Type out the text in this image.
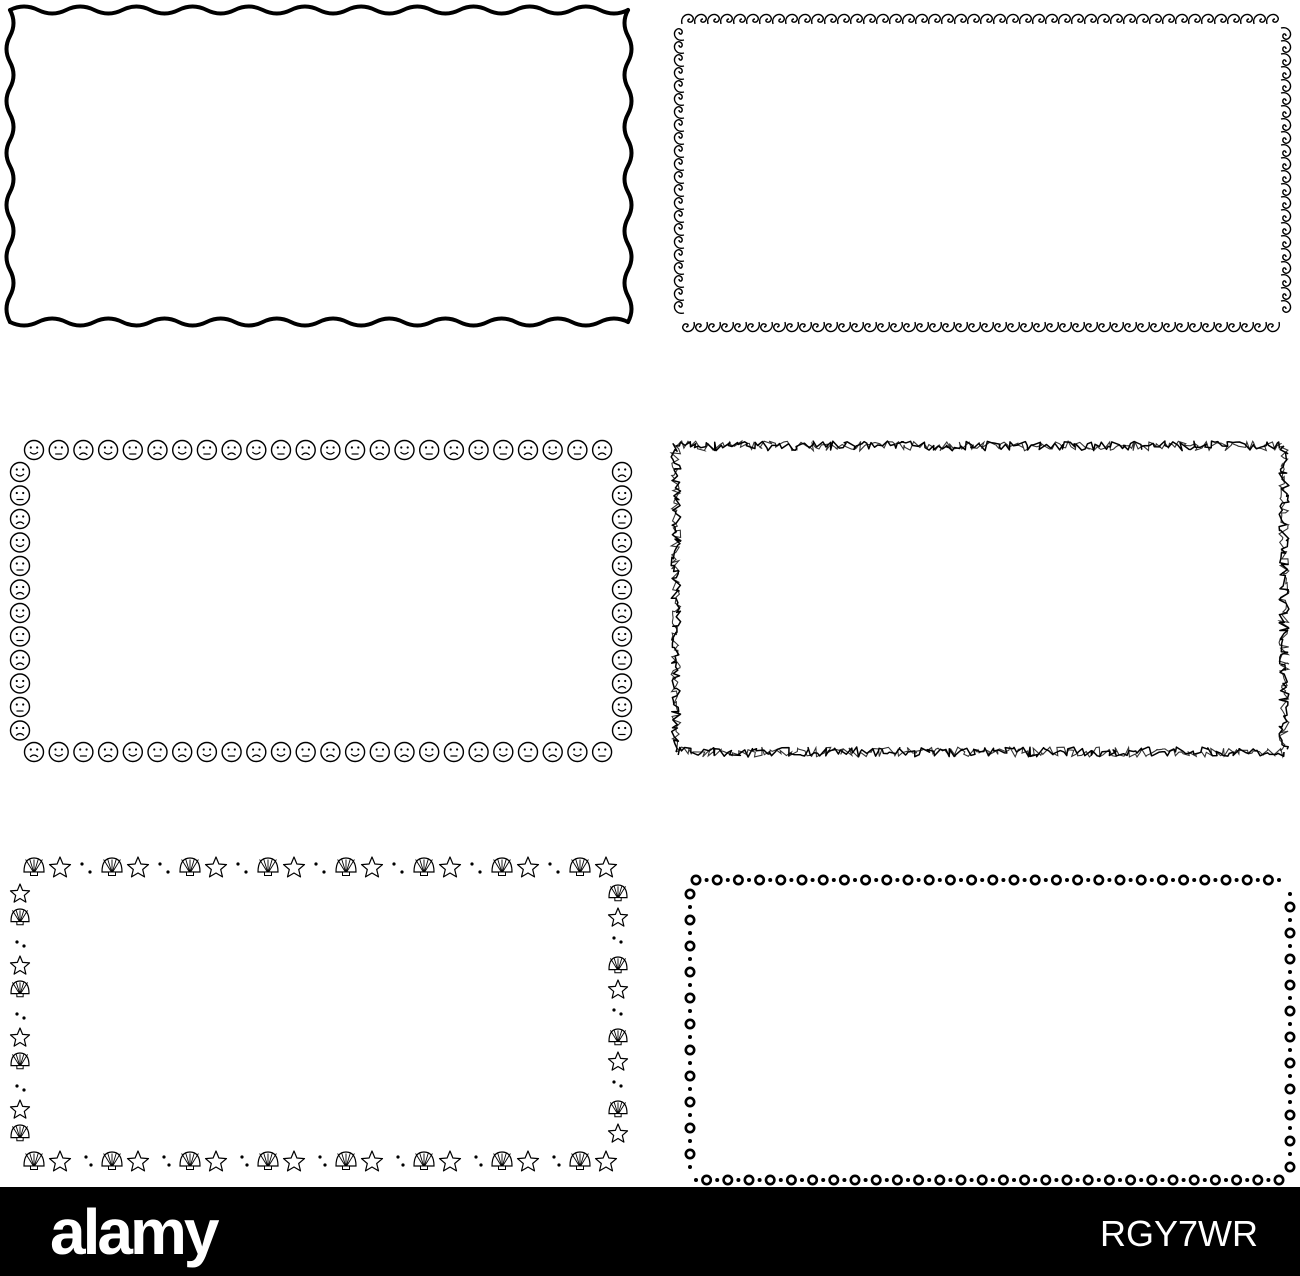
alamy	RGY7WR
